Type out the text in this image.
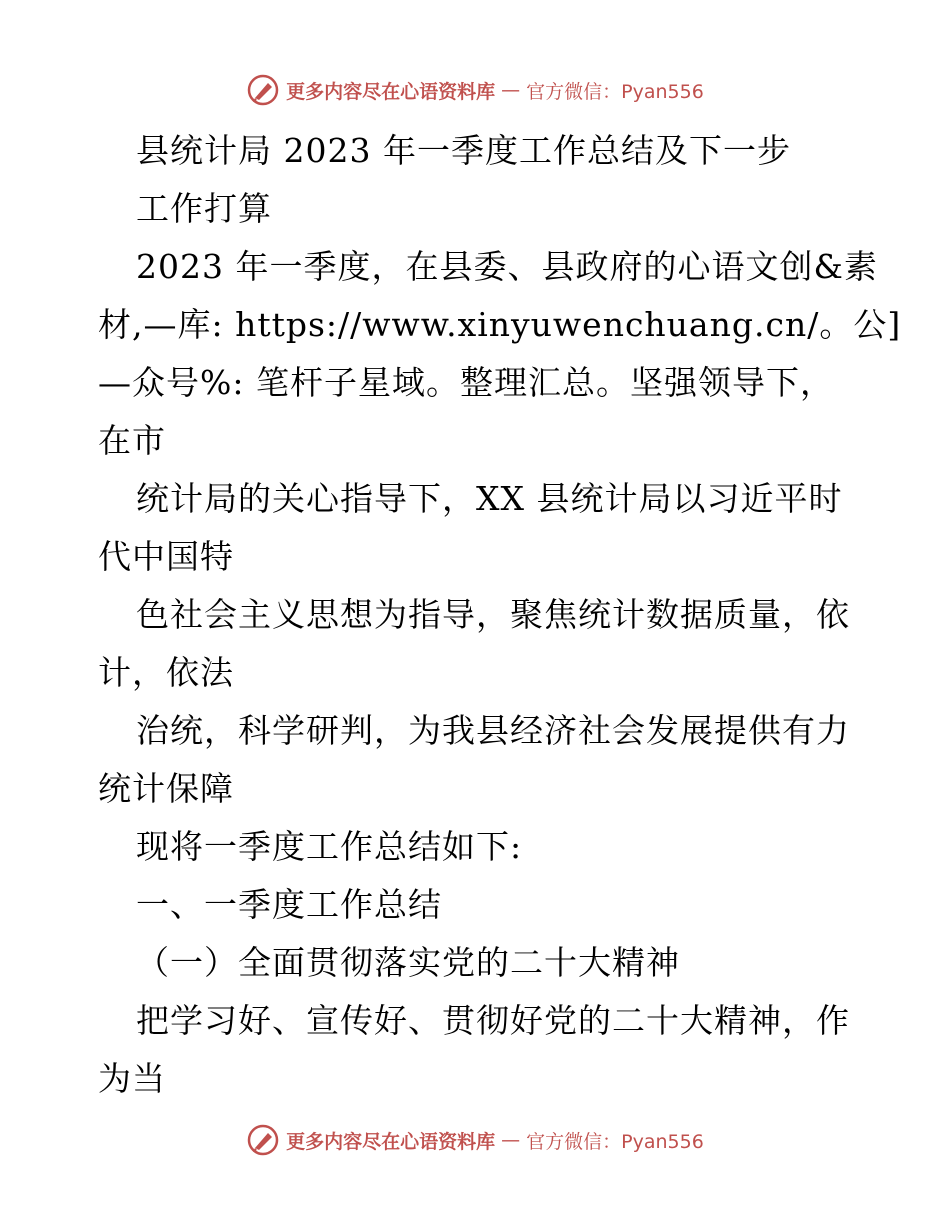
更多内容尽在心语资料库 — 官方微信：Pyan556
县统计局 2023 年一季度工作总结及下一步
工作打算
2023 年一季度，在县委、县政府的心语文创&素
材,—库: https://www.xinyuwenchuang.cn/。公]
—众号%: 笔杆子星域。整理汇总。坚强领导下，
在市
统计局的关心指导下，XX 县统计局以习近平时
代中国特
色社会主义思想为指导，聚焦统计数据质量，依
计，依法
治统，科学研判，为我县经济社会发展提供有力
统计保障
现将一季度工作总结如下:
一、一季度工作总结
（一）全面贯彻落实党的二十大精神
把学习好、宣传好、贯彻好党的二十大精神，作
为当
更多内容尽在心语资料库 — 官方微信：Pyan556
